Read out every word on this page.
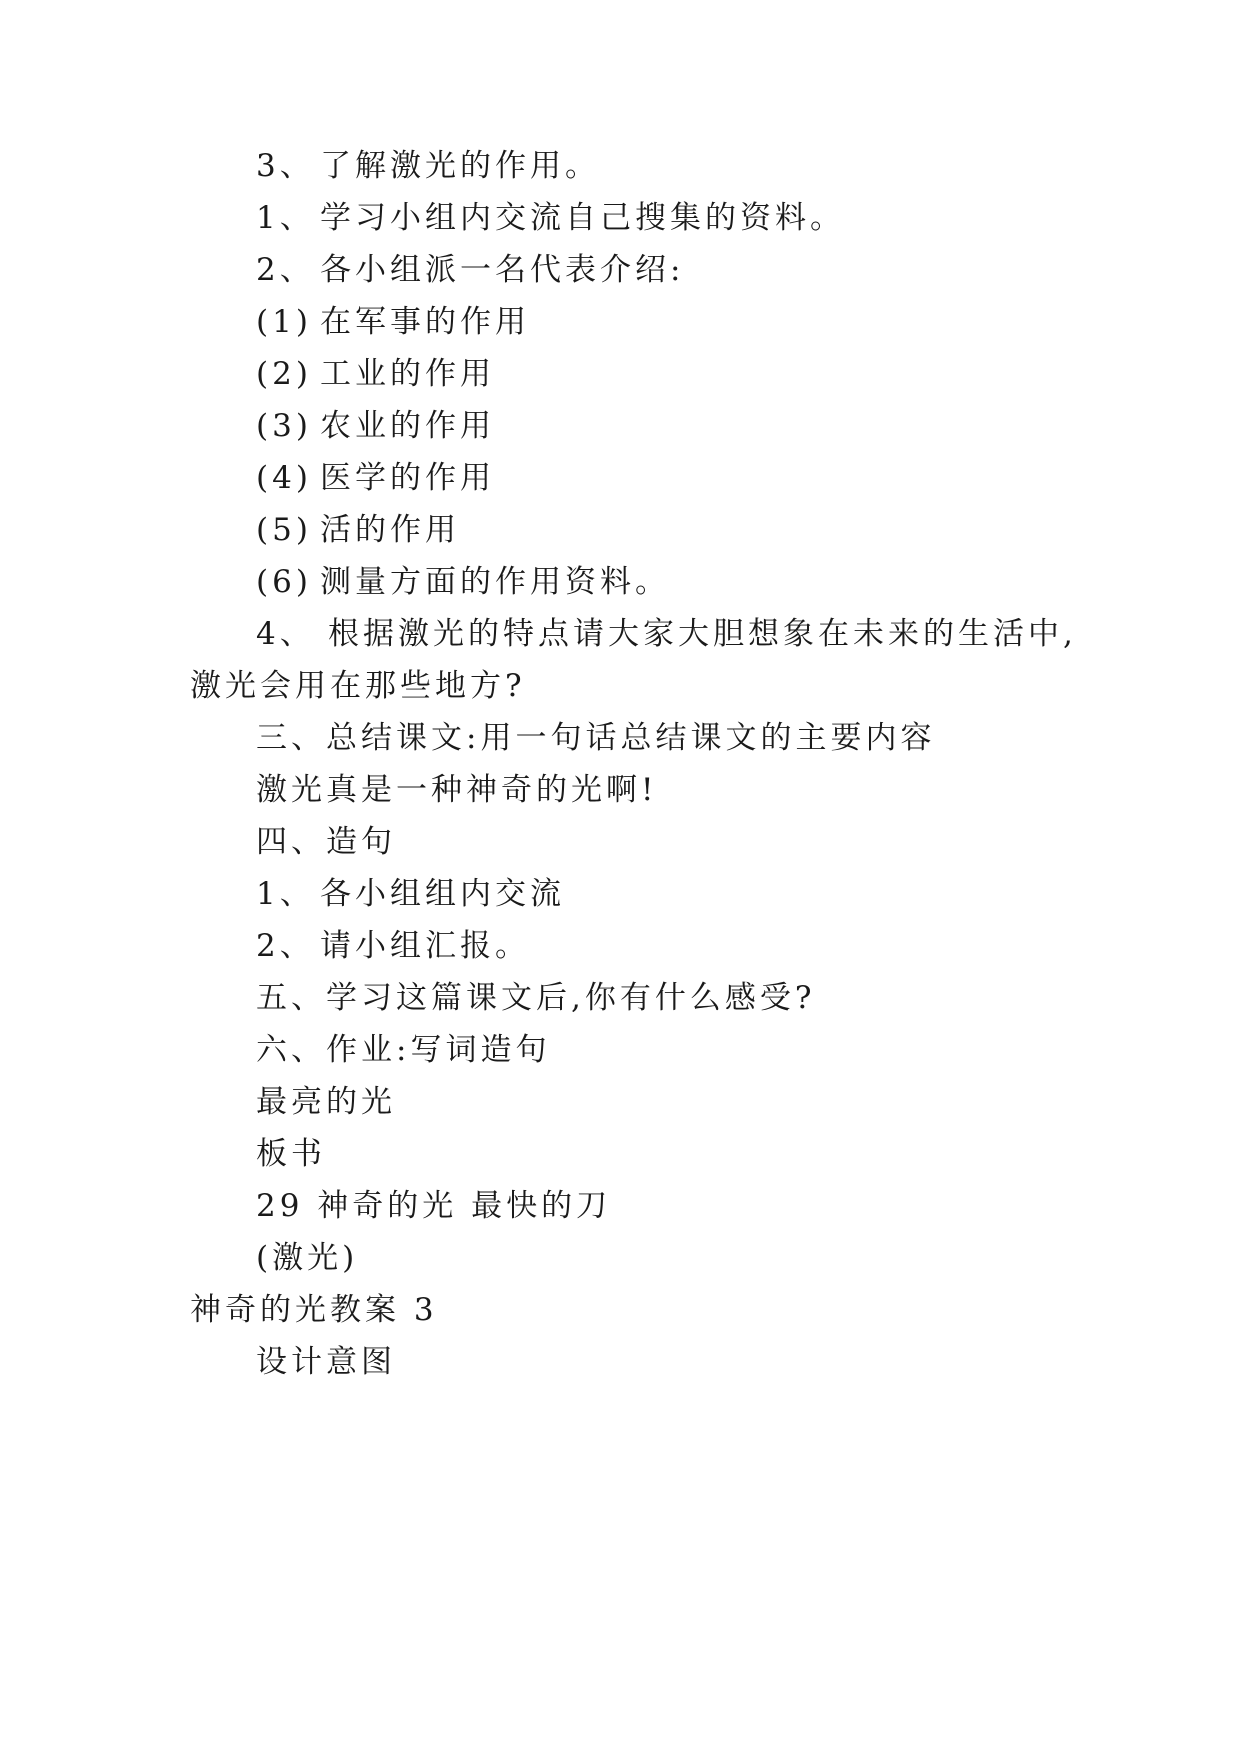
3、 了解激光的作用。
1、 学习小组内交流自己搜集的资料。
2、 各小组派一名代表介绍:
(1) 在军事的作用
(2) 工业的作用
(3) 农业的作用
(4) 医学的作用
(5) 活的作用
(6) 测量方面的作用资料。
4、 根据激光的特点请大家大胆想象在未来的生活中,
激光会用在那些地方?
三、总结课文:用一句话总结课文的主要内容
激光真是一种神奇的光啊!
四、造句
1、 各小组组内交流
2、 请小组汇报。
五、学习这篇课文后,你有什么感受?
六、作业:写词造句
最亮的光
板书
29 神奇的光 最快的刀
(激光)
神奇的光教案 3
设计意图
